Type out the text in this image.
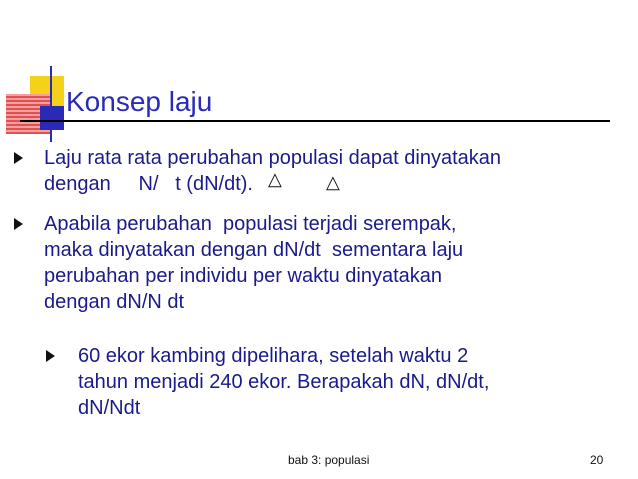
Konsep laju
Laju rata rata perubahan populasi dapat dinyatakan
dengan     N/   t (dN/dt). △ △
Apabila perubahan  populasi terjadi serempak,
maka dinyatakan dengan dN/dt  sementara laju
perubahan per individu per waktu dinyatakan
dengan dN/N dt
60 ekor kambing dipelihara, setelah waktu 2
tahun menjadi 240 ekor. Berapakah dN, dN/dt,
dN/Ndt
bab 3: populasi	20
